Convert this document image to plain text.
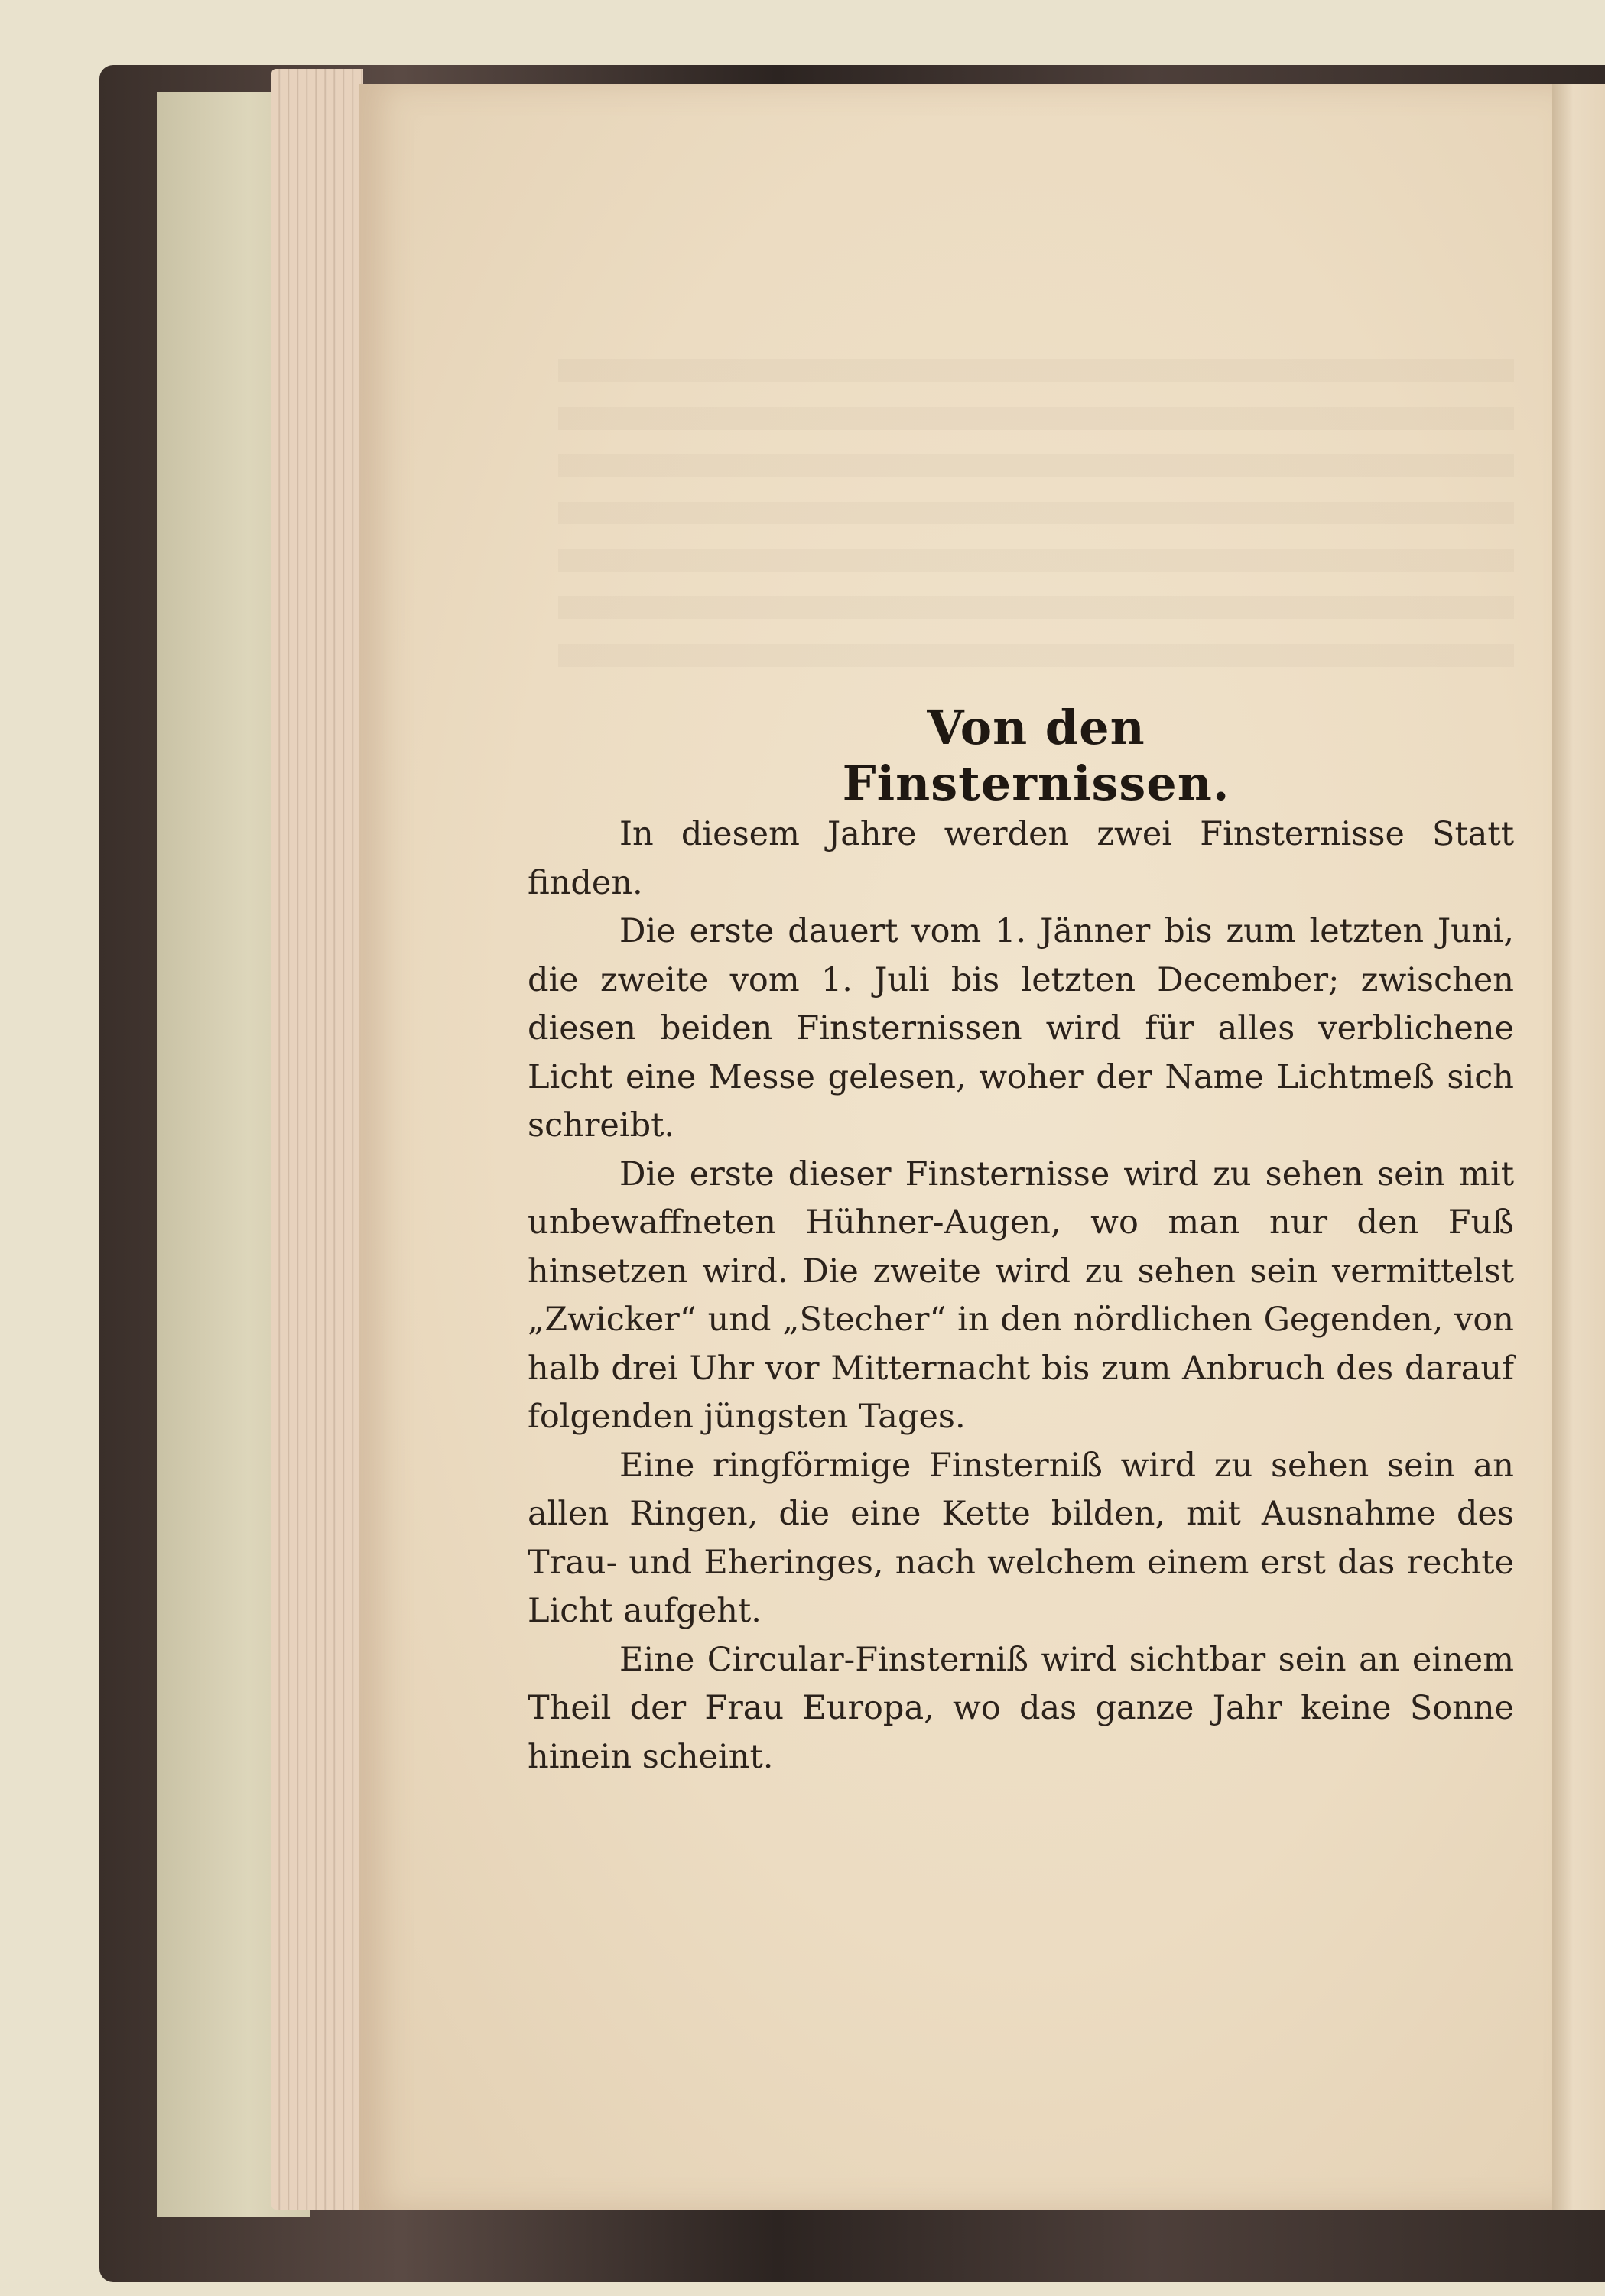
Von den Finsternissen.

In diesem Jahre werden zwei Finsternisse Statt finden.

Die erste dauert vom 1. Jänner bis zum letzten Juni, die zweite vom 1. Juli bis letzten December; zwischen diesen beiden Finsternissen wird für alles verblichene Licht eine Messe gelesen, woher der Name Lichtmeß sich schreibt.

Die erste dieser Finsternisse wird zu sehen sein mit unbewaffneten Hühner-Augen, wo man nur den Fuß hinsetzen wird. Die zweite wird zu sehen sein vermittelst „Zwicker“ und „Stecher“ in den nördlichen Gegenden, von halb drei Uhr vor Mitternacht bis zum Anbruch des darauf folgenden jüngsten Tages.

Eine ringförmige Finsterniß wird zu sehen sein an allen Ringen, die eine Kette bilden, mit Ausnahme des Trau- und Eheringes, nach welchem einem erst das rechte Licht aufgeht.

Eine Circular-Finsterniß wird sichtbar sein an einem Theil der Frau Europa, wo das ganze Jahr keine Sonne hinein scheint.
